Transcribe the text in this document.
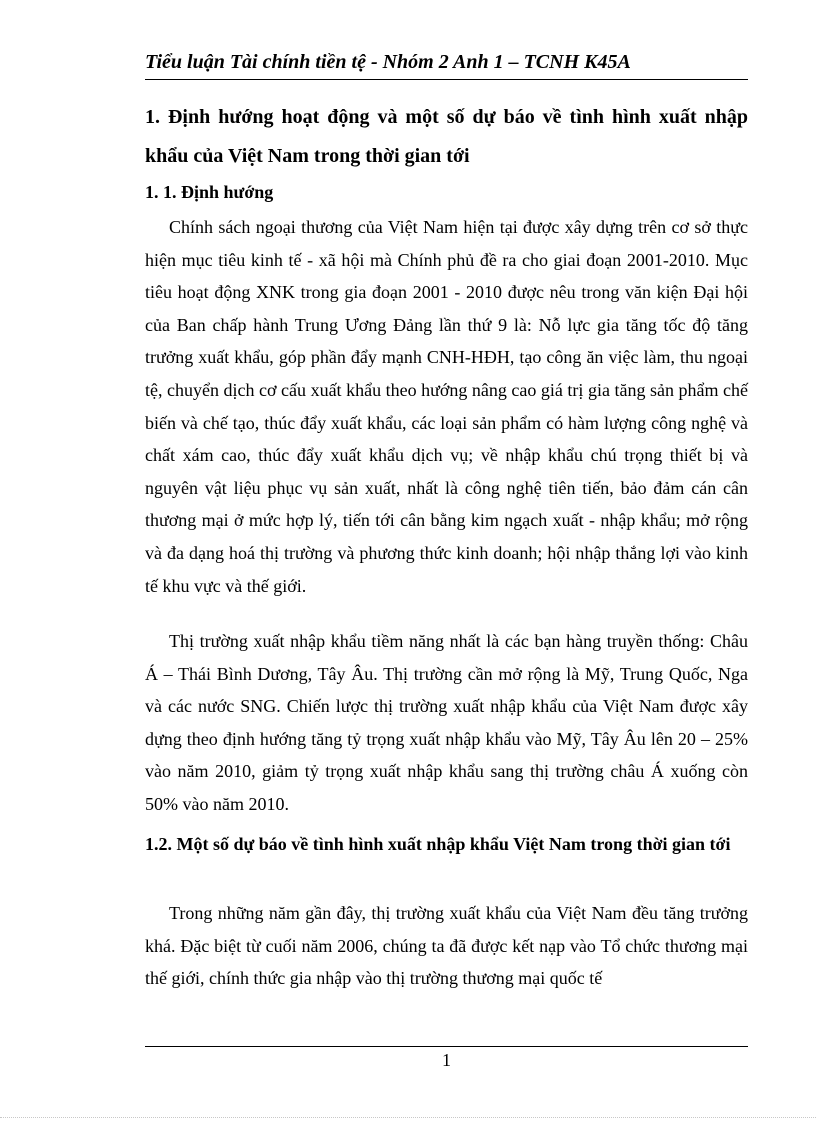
Tiểu luận Tài chính tiền tệ - Nhóm 2 Anh 1 – TCNH K45A
1. Định hướng hoạt động và một số dự báo về tình hình xuất nhập khẩu của Việt Nam trong thời gian tới
1. 1. Định hướng

Chính sách ngoại thương của Việt Nam hiện tại được xây dựng trên cơ sở thực hiện mục tiêu kinh tế - xã hội mà Chính phủ đề ra cho giai đoạn 2001-2010. Mục tiêu hoạt động XNK trong gia đoạn 2001 - 2010 được nêu trong văn kiện Đại hội của Ban chấp hành Trung Ương Đảng lần thứ 9 là: Nỗ lực gia tăng tốc độ tăng trưởng xuất khẩu, góp phần đẩy mạnh CNH-HĐH, tạo công ăn việc làm, thu ngoại tệ, chuyển dịch cơ cấu xuất khẩu theo hướng nâng cao giá trị gia tăng sản phẩm chế biến và chế tạo, thúc đẩy xuất khẩu, các loại sản phẩm có hàm lượng công nghệ và chất xám cao, thúc đẩy xuất khẩu dịch vụ; về nhập khẩu chú trọng thiết bị và nguyên vật liệu phục vụ sản xuất, nhất là công nghệ tiên tiến, bảo đảm cán cân thương mại ở mức hợp lý, tiến tới cân bằng kim ngạch xuất - nhập khẩu; mở rộng và đa dạng hoá thị trường và phương thức kinh doanh; hội nhập thắng lợi vào kinh tế khu vực và thế giới.

Thị trường xuất nhập khẩu tiềm năng nhất là các bạn hàng truyền thống: Châu Á – Thái Bình Dương, Tây Âu. Thị trường cần mở rộng là Mỹ, Trung Quốc, Nga và các nước SNG. Chiến lược thị trường xuất nhập khẩu của Việt Nam được xây dựng theo định hướng tăng tỷ trọng xuất nhập khẩu vào Mỹ, Tây Âu lên 20 – 25% vào năm 2010, giảm tỷ trọng xuất nhập khẩu sang thị trường châu Á xuống còn 50% vào năm 2010.

1.2. Một số dự báo về tình hình xuất nhập khẩu Việt Nam trong thời gian tới

Trong những năm gần đây, thị trường xuất khẩu của Việt Nam đều tăng trưởng khá. Đặc biệt từ cuối năm 2006, chúng ta đã được kết nạp vào Tổ chức thương mại thế giới, chính thức gia nhập vào thị trường thương mại quốc tế

1
